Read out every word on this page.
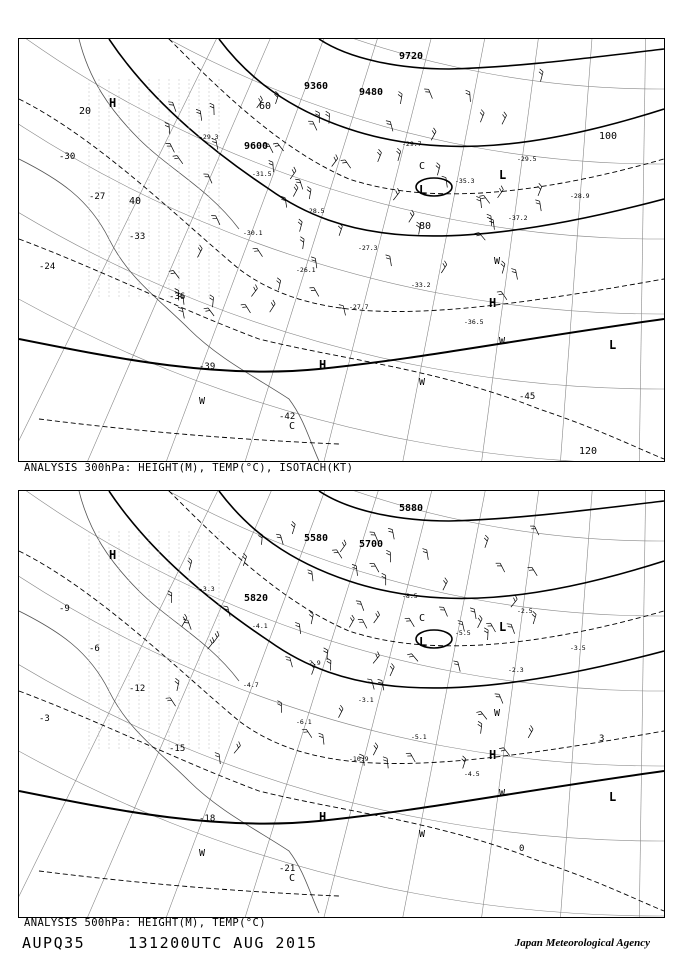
9360
9480
9600
9720
-24
-27
-30
-33
-36
-39
-42
-45
20
40
60
80
100
120
-29.3
-31.5
-28.5
-27.3
-33.2
-36.5
-29.5
-28.9
-30.1
-26.1
-27.7
-29.7
-35.3
-37.2
H
H
H
L
L
L
C
C
W
W
W
W
ANALYSIS 300hPa: HEIGHT(M), TEMP(°C), ISOTACH(KT)
5580
5700
5820
5880
-3
-6
-9
-12
-15
-18
-21
0
3
-3.3
-4.1
-2.9
-3.1
-5.1
-4.5
-2.5
-3.5
-4.7
-6.1
-10.9
-8.5
-5.5
-2.3
H
H
H
L
L
L
C
C
W
W
W
W
ANALYSIS 500hPa: HEIGHT(M), TEMP(°C)
AUPQ35	131200UTC AUG 2015	Japan Meteorological Agency
